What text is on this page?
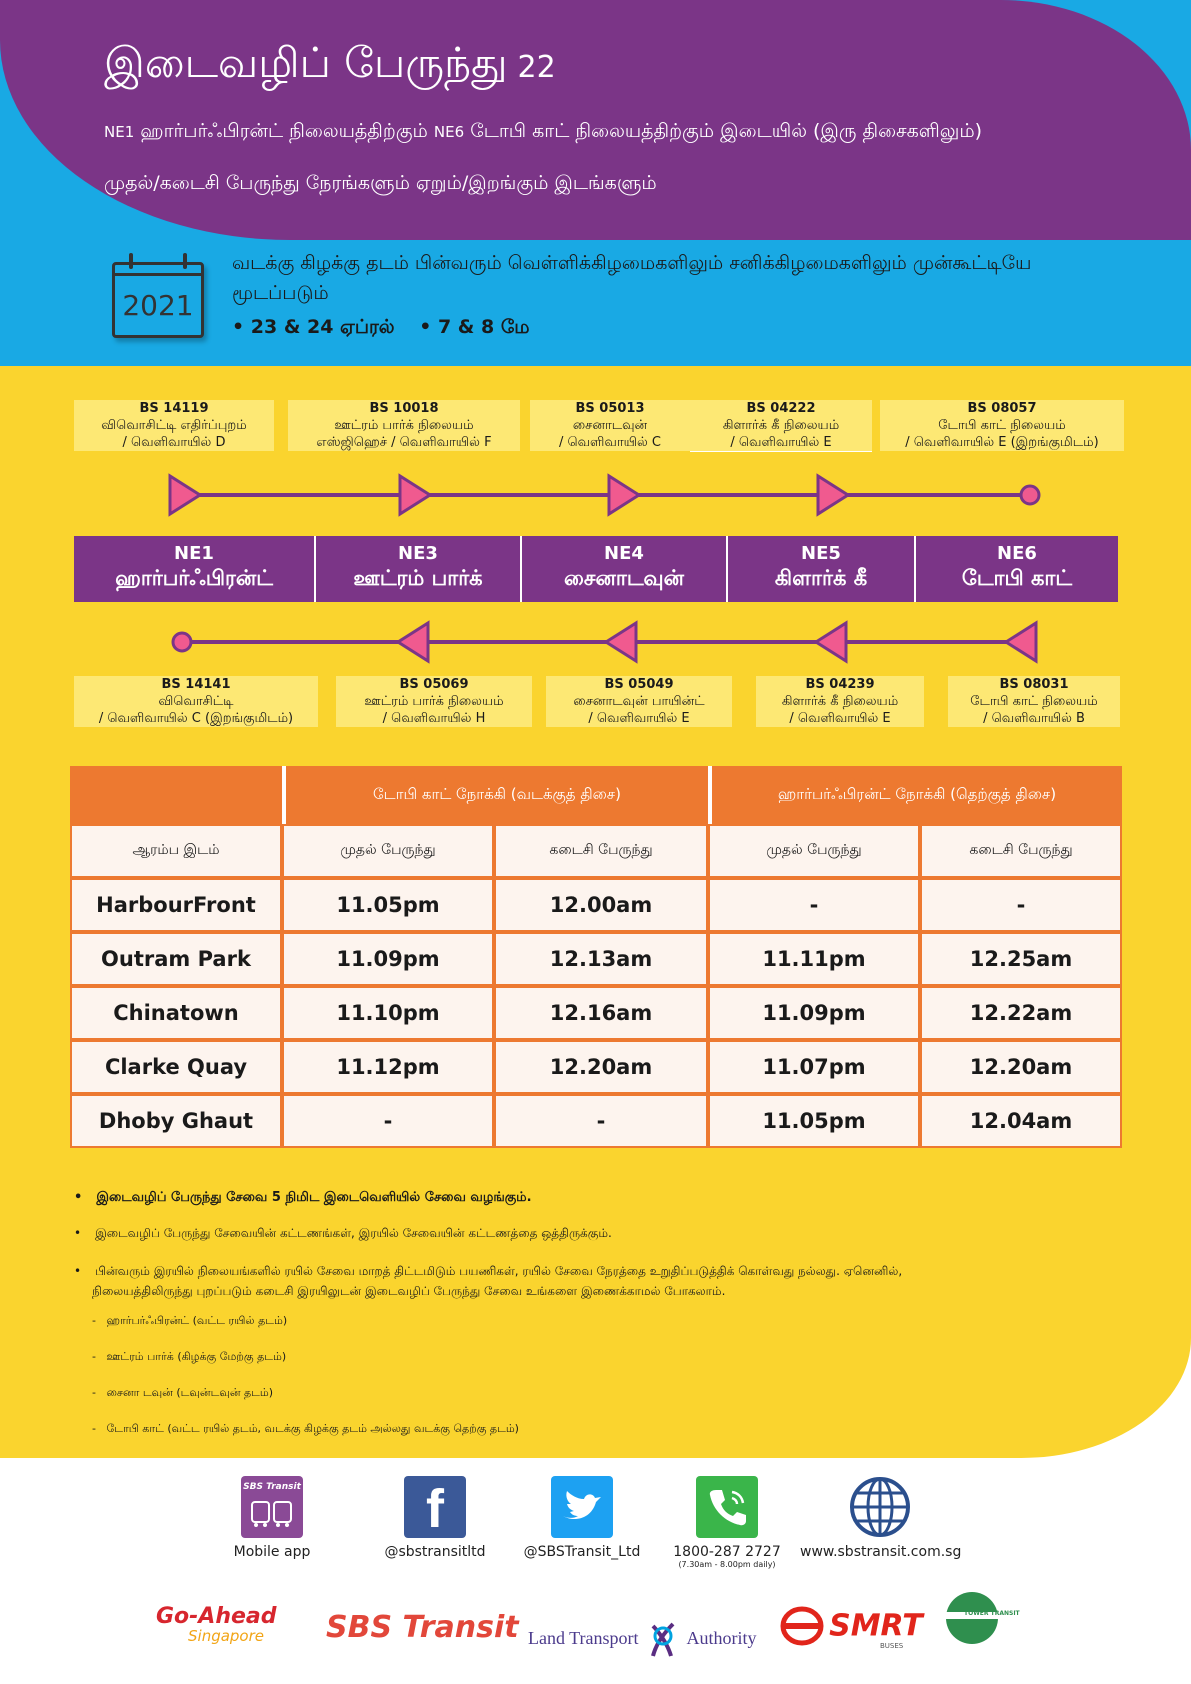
இடைவழிப் பேருந்து 22
NE1 ஹார்பர்ஃபிரன்ட் நிலையத்திற்கும் NE6 டோபி காட் நிலையத்திற்கும் இடையில் (இரு திசைகளிலும்)
முதல்/கடைசி பேருந்து நேரங்களும் ஏறும்/இறங்கும் இடங்களும்
2021
வடக்கு கிழக்கு தடம் பின்வரும் வெள்ளிக்கிழமைகளிலும் சனிக்கிழமைகளிலும் முன்கூட்டியே
மூடப்படும்
• 23 & 24 ஏப்ரல் • 7 & 8 மே
BS 14119
விவொசிட்டி எதிர்ப்புறம்
/ வெளிவாயில் D
BS 10018
ஊட்ரம் பார்க் நிலையம்
எஸ்ஜிஹெச் / வெளிவாயில் F
BS 05013
சைனாடவுன்
/ வெளிவாயில் C
BS 04222
கிளார்க் கீ நிலையம்
/ வெளிவாயில் E
BS 08057
டோபி காட் நிலையம்
/ வெளிவாயில் E (இறங்குமிடம்)
NE1
ஹார்பர்ஃபிரன்ட்
NE3
ஊட்ரம் பார்க்
NE4
சைனாடவுன்
NE5
கிளார்க் கீ
NE6
டோபி காட்
BS 14141
விவொசிட்டி
/ வெளிவாயில் C (இறங்குமிடம்)
BS 05069
ஊட்ரம் பார்க் நிலையம்
/ வெளிவாயில் H
BS 05049
சைனாடவுன் பாயின்ட்
/ வெளிவாயில் E
BS 04239
கிளார்க் கீ நிலையம்
/ வெளிவாயில் E
BS 08031
டோபி காட் நிலையம்
/ வெளிவாயில் B
	டோபி காட் நோக்கி (வடக்குத் திசை)		ஹார்பர்ஃபிரன்ட் நோக்கி (தெற்குத் திசை)	
ஆரம்ப இடம்	முதல் பேருந்து	கடைசி பேருந்து	முதல் பேருந்து	கடைசி பேருந்து
HarbourFront	11.05pm	12.00am	-	-
Outram Park	11.09pm	12.13am	11.11pm	12.25am
Chinatown	11.10pm	12.16am	11.09pm	12.22am
Clarke Quay	11.12pm	12.20am	11.07pm	12.20am
Dhoby Ghaut	-	-	11.05pm	12.04am
• இடைவழிப் பேருந்து சேவை 5 நிமிட இடைவெளியில் சேவை வழங்கும்.
• இடைவழிப் பேருந்து சேவையின் கட்டணங்கள், இரயில் சேவையின் கட்டணத்தை ஒத்திருக்கும்.
• பின்வரும் இரயில் நிலையங்களில் ரயில் சேவை மாறத் திட்டமிடும் பயணிகள், ரயில் சேவை நேரத்தை உறுதிப்படுத்திக் கொள்வது நல்லது. ஏனெனில்,
நிலையத்திலிருந்து புறப்படும் கடைசி இரயிலுடன் இடைவழிப் பேருந்து சேவை உங்களை இணைக்காமல் போகலாம்.
-   ஹார்பர்ஃபிரன்ட் (வட்ட ரயில் தடம்)
-   ஊட்ரம் பார்க் (கிழக்கு மேற்கு தடம்)
-   சைனா டவுன் (டவுன்டவுன் தடம்)
-   டோபி காட் (வட்ட ரயில் தடம், வடக்கு கிழக்கு தடம் அல்லது வடக்கு தெற்கு தடம்)
SBS Transit
Mobile app
f
@sbstransitltd	@SBSTransit_Ltd	1800-287 2727
(7.30am - 8.00pm daily)
www.sbstransit.com.sg
Go-Ahead
Singapore	SBS Transit Land Transport	Authority	SMRT
BUSES
TOWER TRANSIT
